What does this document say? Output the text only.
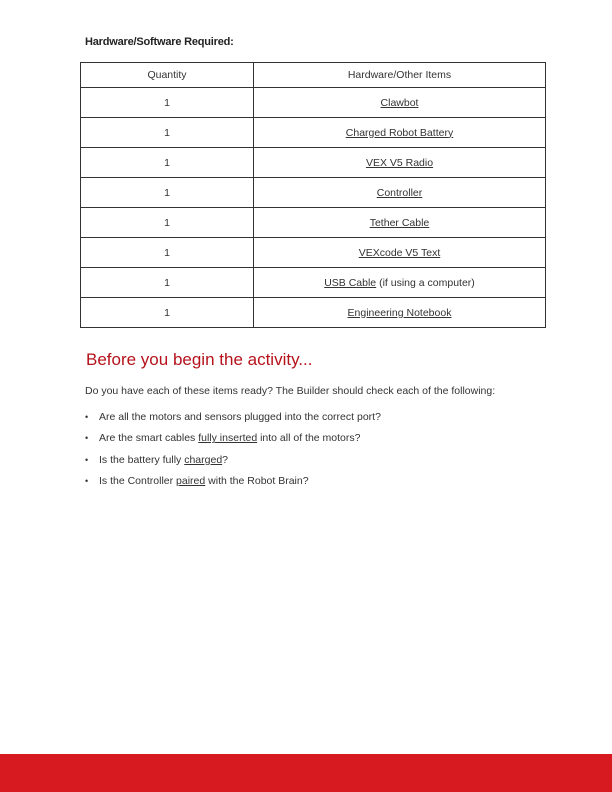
Hardware/Software Required:
Quantity	Hardware/Other Items
1	Clawbot
1	Charged Robot Battery
1	VEX V5 Radio
1	Controller
1	Tether Cable
1	VEXcode V5 Text
1	USB Cable (if using a computer)
1	Engineering Notebook
Before you begin the activity...

Do you have each of these items ready? The Builder should check each of the following:

•	Are all the motors and sensors plugged into the correct port?
•	Are the smart cables fully inserted into all of the motors?
•	Is the battery fully charged?
•	Is the Controller paired with the Robot Brain?
